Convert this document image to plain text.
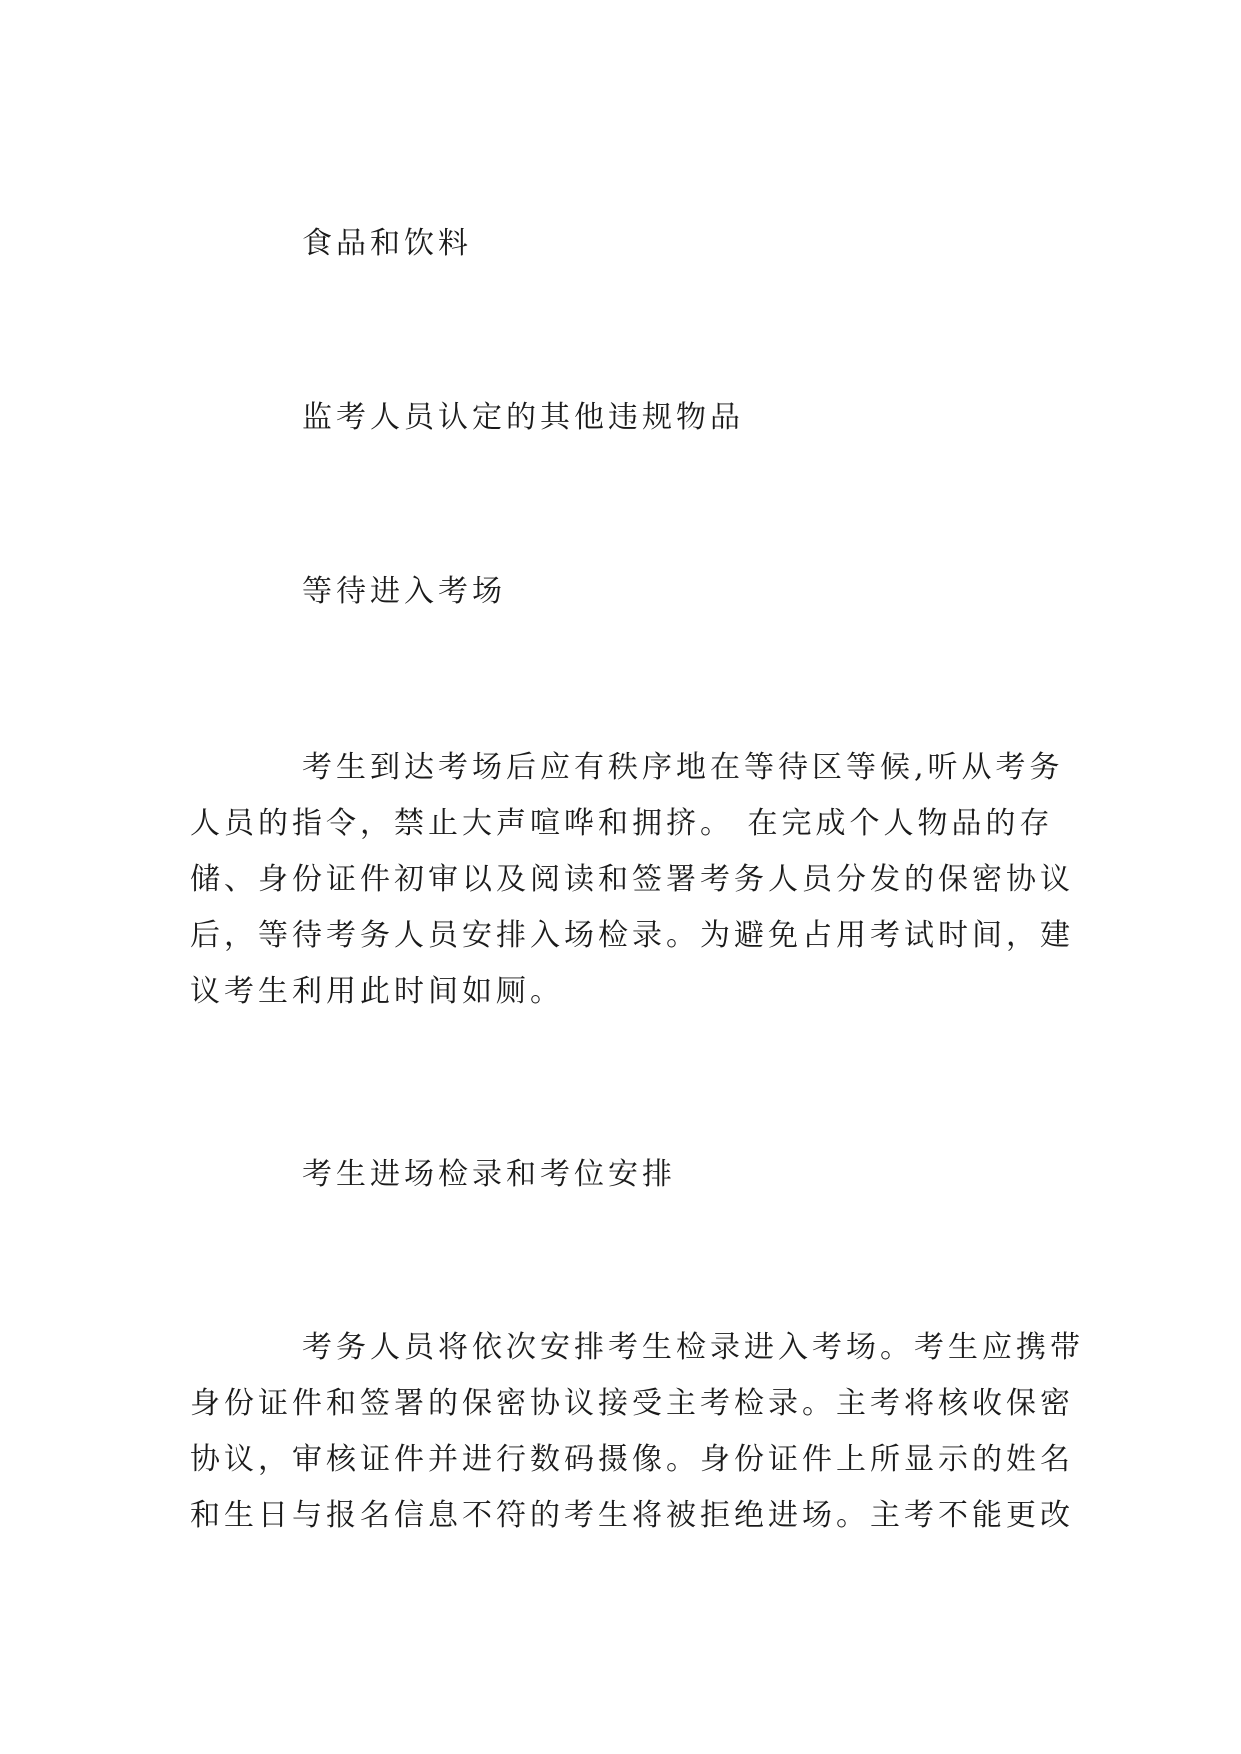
食品和饮料
监考人员认定的其他违规物品
等待进入考场
考生到达考场后应有秩序地在等待区等候,听从考务
人员的指令，禁止大声喧哗和拥挤。 在完成个人物品的存
储、身份证件初审以及阅读和签署考务人员分发的保密协议
后，等待考务人员安排入场检录。为避免占用考试时间，建
议考生利用此时间如厕。
考生进场检录和考位安排
考务人员将依次安排考生检录进入考场。考生应携带
身份证件和签署的保密协议接受主考检录。主考将核收保密
协议，审核证件并进行数码摄像。身份证件上所显示的姓名
和生日与报名信息不符的考生将被拒绝进场。主考不能更改
